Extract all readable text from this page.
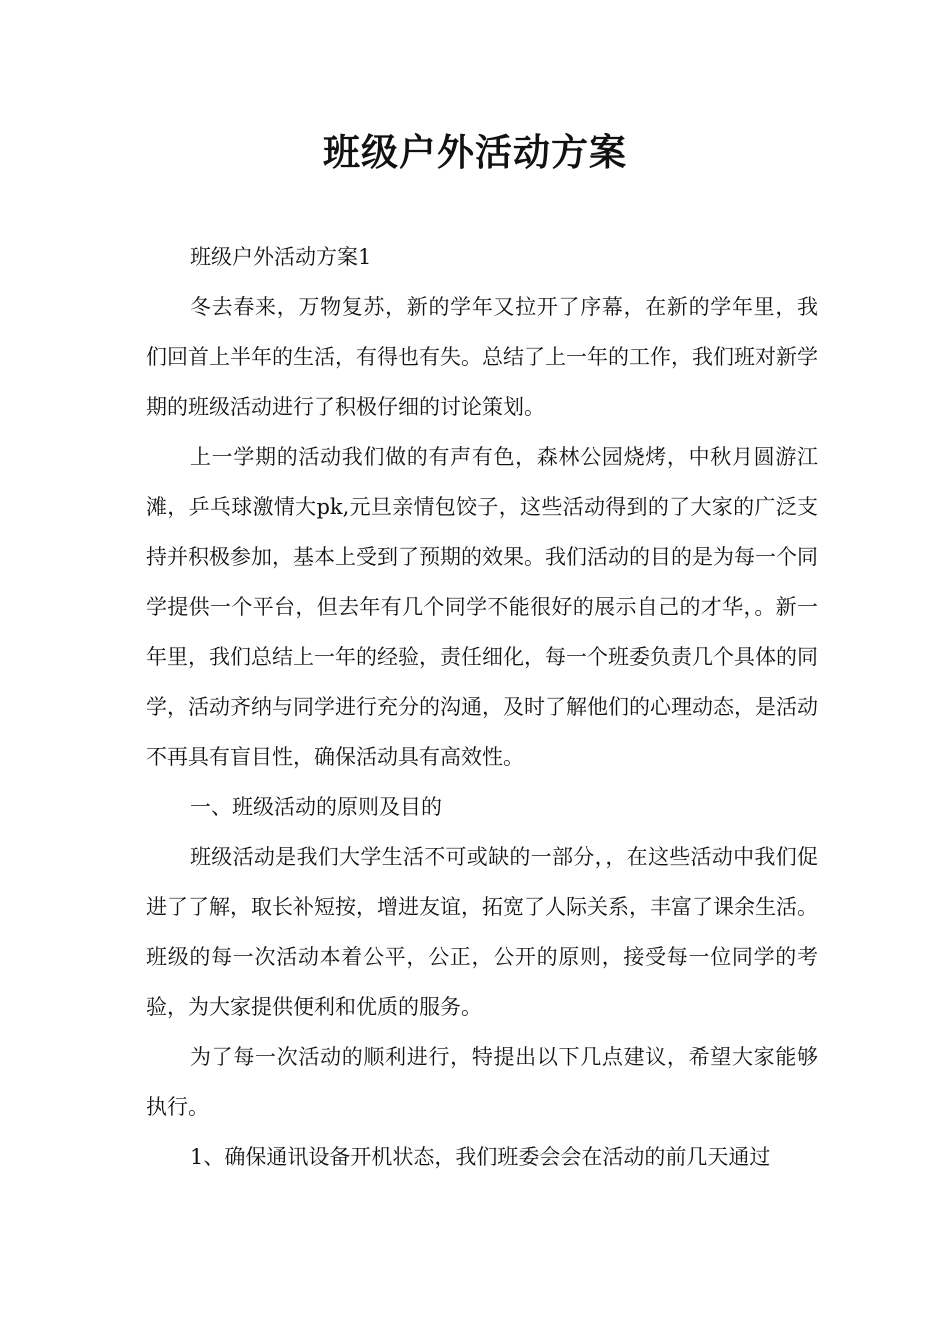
班级户外活动方案

班级户外活动方案1

冬去春来，万物复苏，新的学年又拉开了序幕，在新的学年里，我们回首上半年的生活，有得也有失。总结了上一年的工作，我们班对新学期的班级活动进行了积极仔细的讨论策划。

上一学期的活动我们做的有声有色，森林公园烧烤，中秋月圆游江滩，乒乓球激情大pk,元旦亲情包饺子，这些活动得到的了大家的广泛支持并积极参加，基本上受到了预期的效果。我们活动的目的是为每一个同学提供一个平台，但去年有几个同学不能很好的展示自己的才华，。新一年里，我们总结上一年的经验，责任细化，每一个班委负责几个具体的同学，活动齐纳与同学进行充分的沟通，及时了解他们的心理动态，是活动不再具有盲目性，确保活动具有高效性。

一、班级活动的原则及目的

班级活动是我们大学生活不可或缺的一部分，，在这些活动中我们促进了了解，取长补短按，增进友谊，拓宽了人际关系，丰富了课余生活。班级的每一次活动本着公平，公正，公开的原则，接受每一位同学的考验，为大家提供便利和优质的服务。

为了每一次活动的顺利进行，特提出以下几点建议，希望大家能够执行。

1、确保通讯设备开机状态，我们班委会会在活动的前几天通过
